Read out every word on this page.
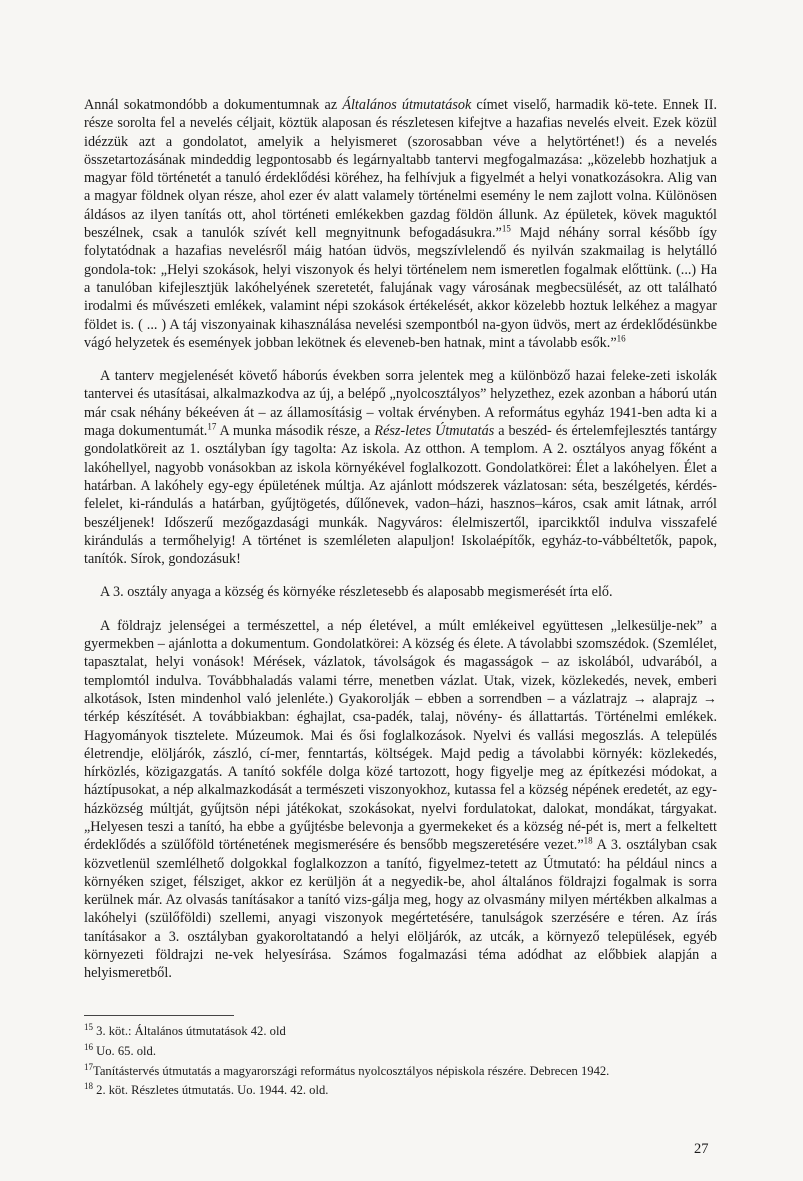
Annál sokatmondóbb a dokumentumnak az Általános útmutatások címet viselő, harmadik kö-tete. Ennek II. része sorolta fel a nevelés céljait, köztük alaposan és részletesen kifejtve a hazafias nevelés elveit. Ezek közül idézzük azt a gondolatot, amelyik a helyismeret (szorosabban véve a helytörténet!) és a nevelés összetartozásának mindeddig legpontosabb és legárnyaltabb tantervi megfogalmazása: „közelebb hozhatjuk a magyar föld történetét a tanuló érdeklődési köréhez, ha felhívjuk a figyelmét a helyi vonatkozásokra. Alig van a magyar földnek olyan része, ahol ezer év alatt valamely történelmi esemény le nem zajlott volna. Különösen áldásos az ilyen tanítás ott, ahol történeti emlékekben gazdag földön állunk. Az épületek, kövek maguktól beszélnek, csak a tanulók szívét kell megnyitnunk befogadásukra.”$^{15}$ Majd néhány sorral később így folytatódnak a hazafias nevelésről máig hatóan üdvös, megszívlelendő és nyilván szakmailag is helytálló gondola-tok: „Helyi szokások, helyi viszonyok és helyi történelem nem ismeretlen fogalmak előttünk. (...) Ha a tanulóban kifejlesztjük lakóhelyének szeretetét, falujának vagy városának megbecsülését, az ott található irodalmi és művészeti emlékek, valamint népi szokások értékelését, akkor közelebb hoztuk lelkéhez a magyar földet is. ( ... ) A táj viszonyainak kihasználása nevelési szempontból na-gyon üdvös, mert az érdeklődésünkbe vágó helyzetek és események jobban lekötnek és eleveneb-ben hatnak, mint a távolabb esők.”$^{16}$

A tanterv megjelenését követő háborús években sorra jelentek meg a különböző hazai feleke-zeti iskolák tantervei és utasításai, alkalmazkodva az új, a belépő „nyolcosztályos” helyzethez, ezek azonban a háború után már csak néhány békeéven át – az államosításig – voltak érvényben. A református egyház 1941-ben adta ki a maga dokumentumát.$^{17}$ A munka második része, a Rész-letes Útmutatás a beszéd- és értelemfejlesztés tantárgy gondolatköreit az 1. osztályban így tagolta: Az iskola. Az otthon. A templom. A 2. osztályos anyag főként a lakóhellyel, nagyobb vonásokban az iskola környékével foglalkozott. Gondolatkörei: Élet a lakóhelyen. Élet a határban. A lakóhely egy-egy épületének múltja. Az ajánlott módszerek vázlatosan: séta, beszélgetés, kérdés-felelet, ki-rándulás a határban, gyűjtögetés, dűlőnevek, vadon–házi, hasznos–káros, csak amit látnak, arról beszéljenek! Időszerű mezőgazdasági munkák. Nagyváros: élelmiszertől, iparcikktől indulva visszafelé kirándulás a termőhelyig! A történet is szemléleten alapuljon! Iskolaépítők, egyház-to-vábbéltetők, papok, tanítók. Sírok, gondozásuk!

A 3. osztály anyaga a község és környéke részletesebb és alaposabb megismerését írta elő.

A földrajz jelenségei a természettel, a nép életével, a múlt emlékeivel együttesen „lelkesülje-nek” a gyermekben – ajánlotta a dokumentum. Gondolatkörei: A község és élete. A távolabbi szomszédok. (Szemlélet, tapasztalat, helyi vonások! Mérések, vázlatok, távolságok és magasságok – az iskolából, udvarából, a templomtól indulva. Továbbhaladás valami térre, menetben vázlat. Utak, vizek, közlekedés, nevek, emberi alkotások, Isten mindenhol való jelenléte.) Gyakorolják – ebben a sorrendben – a vázlatrajz → alaprajz → térkép készítését. A továbbiakban: éghajlat, csa-padék, talaj, növény- és állattartás. Történelmi emlékek. Hagyományok tisztelete. Múzeumok. Mai és ősi foglalkozások. Nyelvi és vallási megoszlás. A település életrendje, elöljárók, zászló, cí-mer, fenntartás, költségek. Majd pedig a távolabbi környék: közlekedés, hírközlés, közigazgatás. A tanító sokféle dolga közé tartozott, hogy figyelje meg az építkezési módokat, a háztípusokat, a nép alkalmazkodását a természeti viszonyokhoz, kutassa fel a község népének eredetét, az egy-házközség múltját, gyűjtsön népi játékokat, szokásokat, nyelvi fordulatokat, dalokat, mondákat, tárgyakat. „Helyesen teszi a tanító, ha ebbe a gyűjtésbe belevonja a gyermekeket és a község né-pét is, mert a felkeltett érdeklődés a szülőföld történetének megismerésére és bensőbb megszeretésére vezet.”$^{18}$ A 3. osztályban csak közvetlenül szemlélhető dolgokkal foglalkozzon a tanító, figyelmez-tetett az Útmutató: ha például nincs a környéken sziget, félsziget, akkor ez kerüljön át a negyedik-be, ahol általános földrajzi fogalmak is sorra kerülnek már. Az olvasás tanításakor a tanító vizs-gálja meg, hogy az olvasmány milyen mértékben alkalmas a lakóhelyi (szülőföldi) szellemi, anyagi viszonyok megértetésére, tanulságok szerzésére e téren. Az írás tanításakor a 3. osztályban gyakoroltatandó a helyi elöljárók, az utcák, a környező települések, egyéb környezeti földrajzi ne-vek helyesírása. Számos fogalmazási téma adódhat az előbbiek alapján a helyismeretből.

$^{15}$ 3. köt.: Általános útmutatások 42. old

$^{16}$ Uo. 65. old.

$^{17}$Tanítástervés útmutatás a magyarországi református nyolcosztályos népiskola részére. Debrecen 1942.

$^{18}$ 2. köt. Részletes útmutatás. Uo. 1944. 42. old.

27
